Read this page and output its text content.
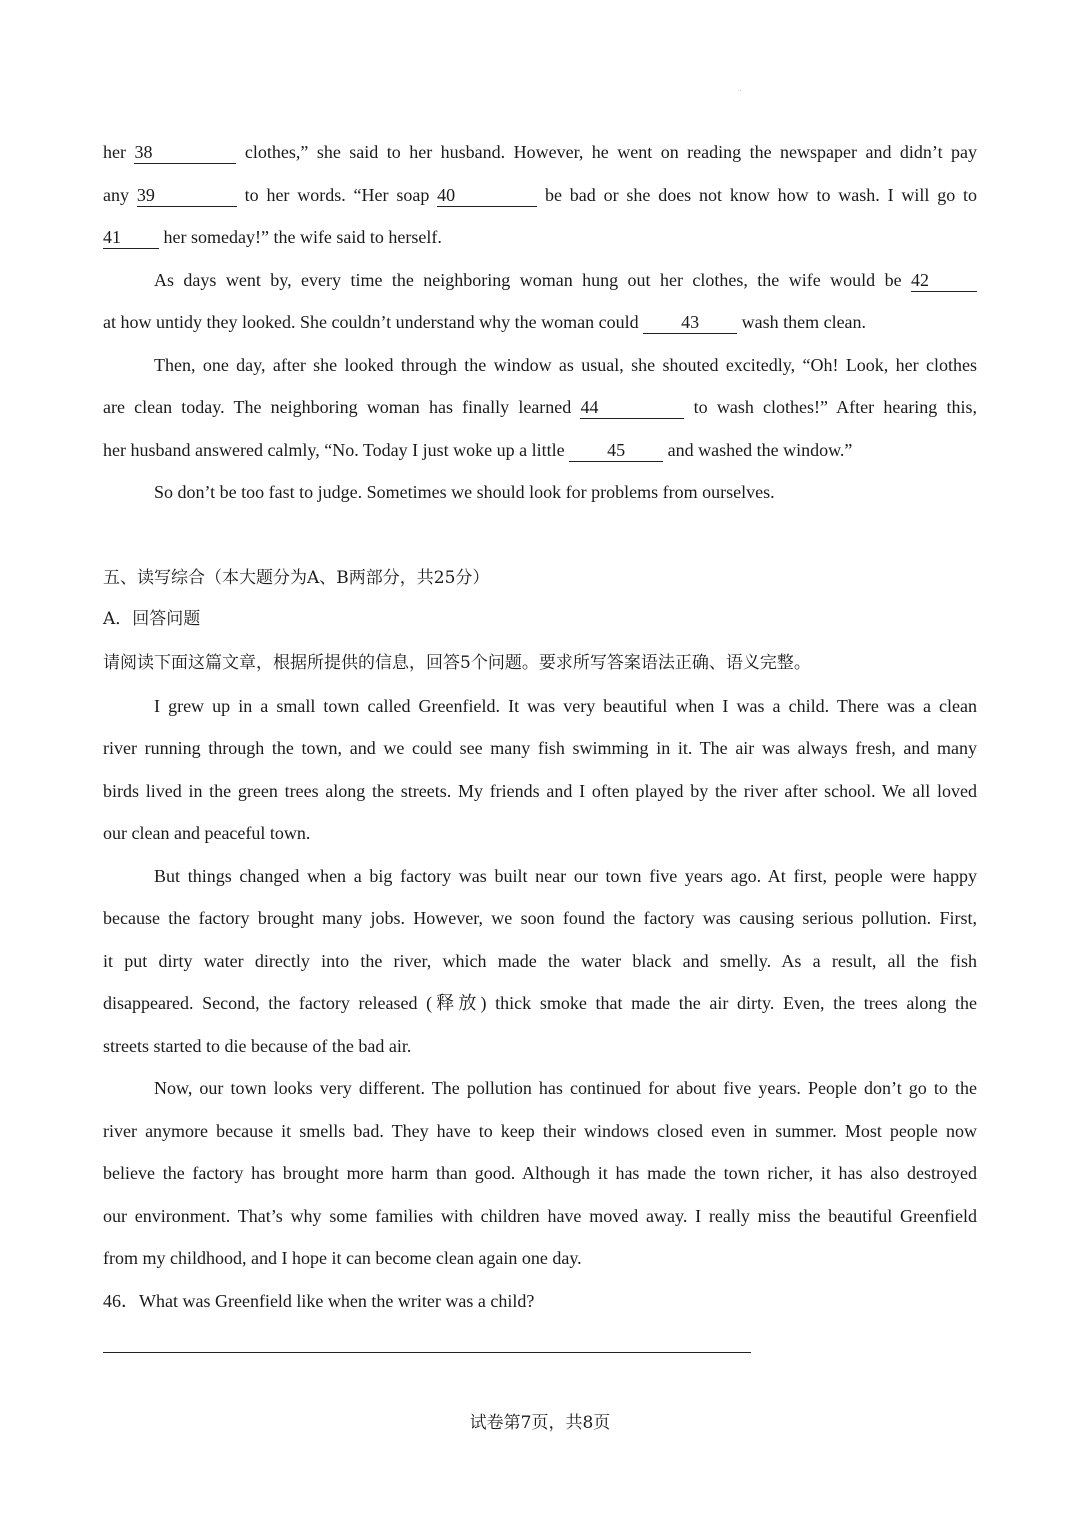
her 38	clothes,” she said to her husband. However, he went on reading the newspaper and didn’t pay
any 39	to her words. “Her soap 40	be bad or she does not know how to wash. I will go to
41 her someday!” the wife said to herself.
As days went by, every time the neighboring woman hung out her clothes, the wife would be 42
at how untidy they looked. She couldn’t understand why the woman could 43 wash them clean.
Then, one day, after she looked through the window as usual, she shouted excitedly, “Oh! Look, her clothes
are clean today. The neighboring woman has finally learned 44	to wash clothes!” After hearing this,
her husband answered calmly, “No. Today I just woke up a little 45 and washed the window.”
So don’t be too fast to judge. Sometimes we should look for problems from ourselves.
五、读写综合（本大题分为A、B两部分，共25分）
A．回答问题
请阅读下面这篇文章，根据所提供的信息，回答5个问题。要求所写答案语法正确、语义完整。
I grew up in a small town called Greenfield. It was very beautiful when I was a child. There was a clean
river running through the town, and we could see many fish swimming in it. The air was always fresh, and many
birds lived in the green trees along the streets. My friends and I often played by the river after school. We all loved
our clean and peaceful town.
But things changed when a big factory was built near our town five years ago. At first, people were happy
because the factory brought many jobs. However, we soon found the factory was causing serious pollution. First,
it put dirty water directly into the river, which made the water black and smelly. As a result, all the fish
disappeared. Second, the factory released (释放) thick smoke that made the air dirty. Even, the trees along the
streets started to die because of the bad air.
Now, our town looks very different. The pollution has continued for about five years. People don’t go to the
river anymore because it smells bad. They have to keep their windows closed even in summer. Most people now
believe the factory has brought more harm than good. Although it has made the town richer, it has also destroyed
our environment. That’s why some families with children have moved away. I really miss the beautiful Greenfield
from my childhood, and I hope it can become clean again one day.
46．What was Greenfield like when the writer was a child?
试卷第7页，共8页
